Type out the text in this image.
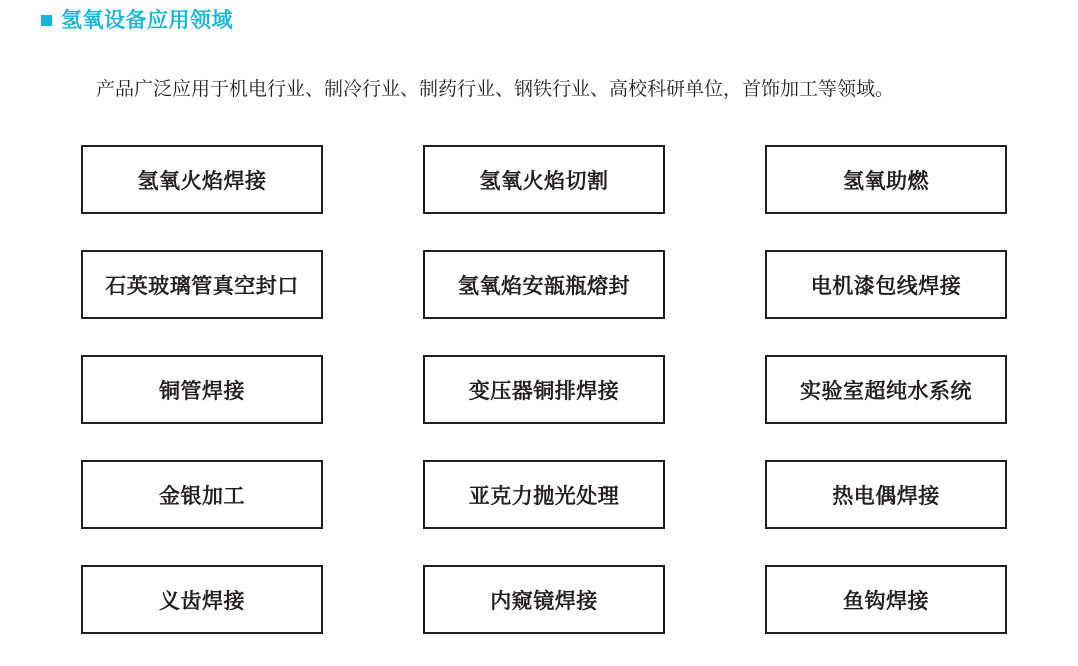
氢氧设备应用领域

产品广泛应用于机电行业、制冷行业、制药行业、钢铁行业、高校科研单位，首饰加工等领域。

氢氧火焰焊接	氢氧火焰切割	氢氧助燃
石英玻璃管真空封口	氢氧焰安瓿瓶熔封	电机漆包线焊接
铜管焊接	变压器铜排焊接	实验室超纯水系统
金银加工	亚克力抛光处理	热电偶焊接
义齿焊接	内窥镜焊接	鱼钩焊接
